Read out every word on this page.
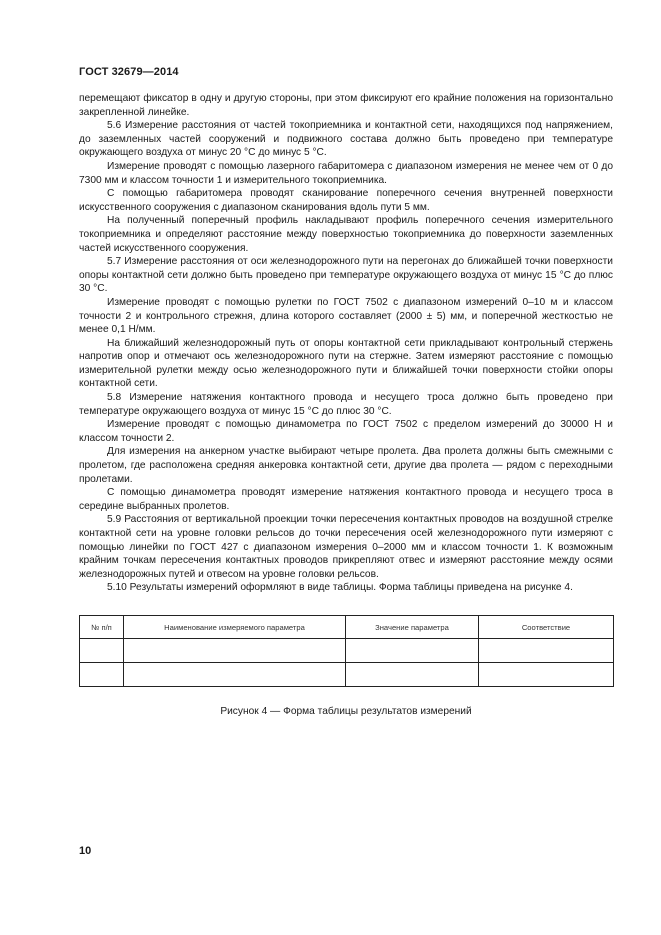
ГОСТ 32679—2014

перемещают фиксатор в одну и другую стороны, при этом фиксируют его крайние положения на горизонтально закрепленной линейке.

5.6 Измерение расстояния от частей токоприемника и контактной сети, находящихся под напряжением, до заземленных частей сооружений и подвижного состава должно быть проведено при температуре окружающего воздуха от минус 20 °С до минус 5 °С.

Измерение проводят с помощью лазерного габаритомера с диапазоном измерения не менее чем от 0 до 7300 мм и классом точности 1 и измерительного токоприемника.

С помощью габаритомера проводят сканирование поперечного сечения внутренней поверхности искусственного сооружения с диапазоном сканирования вдоль пути 5 мм.

На полученный поперечный профиль накладывают профиль поперечного сечения измерительного токоприемника и определяют расстояние между поверхностью токоприемника до поверхности заземленных частей искусственного сооружения.

5.7 Измерение расстояния от оси железнодорожного пути на перегонах до ближайшей точки поверхности опоры контактной сети должно быть проведено при температуре окружающего воздуха от минус 15 °С до плюс 30 °С.

Измерение проводят с помощью рулетки по ГОСТ 7502 с диапазоном измерений 0–10 м и классом точности 2 и контрольного стрежня, длина которого составляет (2000 ± 5) мм, и поперечной жесткостью не менее 0,1 Н/мм.

На ближайший железнодорожный путь от опоры контактной сети прикладывают контрольный стержень напротив опор и отмечают ось железнодорожного пути на стержне. Затем измеряют расстояние с помощью измерительной рулетки между осью железнодорожного пути и ближайшей точки поверхности стойки опоры контактной сети.

5.8 Измерение натяжения контактного провода и несущего троса должно быть проведено при температуре окружающего воздуха от минус 15 °С до плюс 30 °С.

Измерение проводят с помощью динамометра по ГОСТ 7502 с пределом измерений до 30000 Н и классом точности 2.

Для измерения на анкерном участке выбирают четыре пролета. Два пролета должны быть смежными с пролетом, где расположена средняя анкеровка контактной сети, другие два пролета — рядом с переходными пролетами.

С помощью динамометра проводят измерение натяжения контактного провода и несущего троса в середине выбранных пролетов.

5.9 Расстояния от вертикальной проекции точки пересечения контактных проводов на воздушной стрелке контактной сети на уровне головки рельсов до точки пересечения осей железнодорожного пути измеряют с помощью линейки по ГОСТ 427 с диапазоном измерения 0–2000 мм и классом точности 1. К возможным крайним точкам пересечения контактных проводов прикрепляют отвес и измеряют расстояние между осями железнодорожных путей и отвесом на уровне головки рельсов.

5.10 Результаты измерений оформляют в виде таблицы. Форма таблицы приведена на рисунке 4.

№ п/п	Наименование измеряемого параметра	Значение параметра	Соответствие

Рисунок 4 — Форма таблицы результатов измерений
10
